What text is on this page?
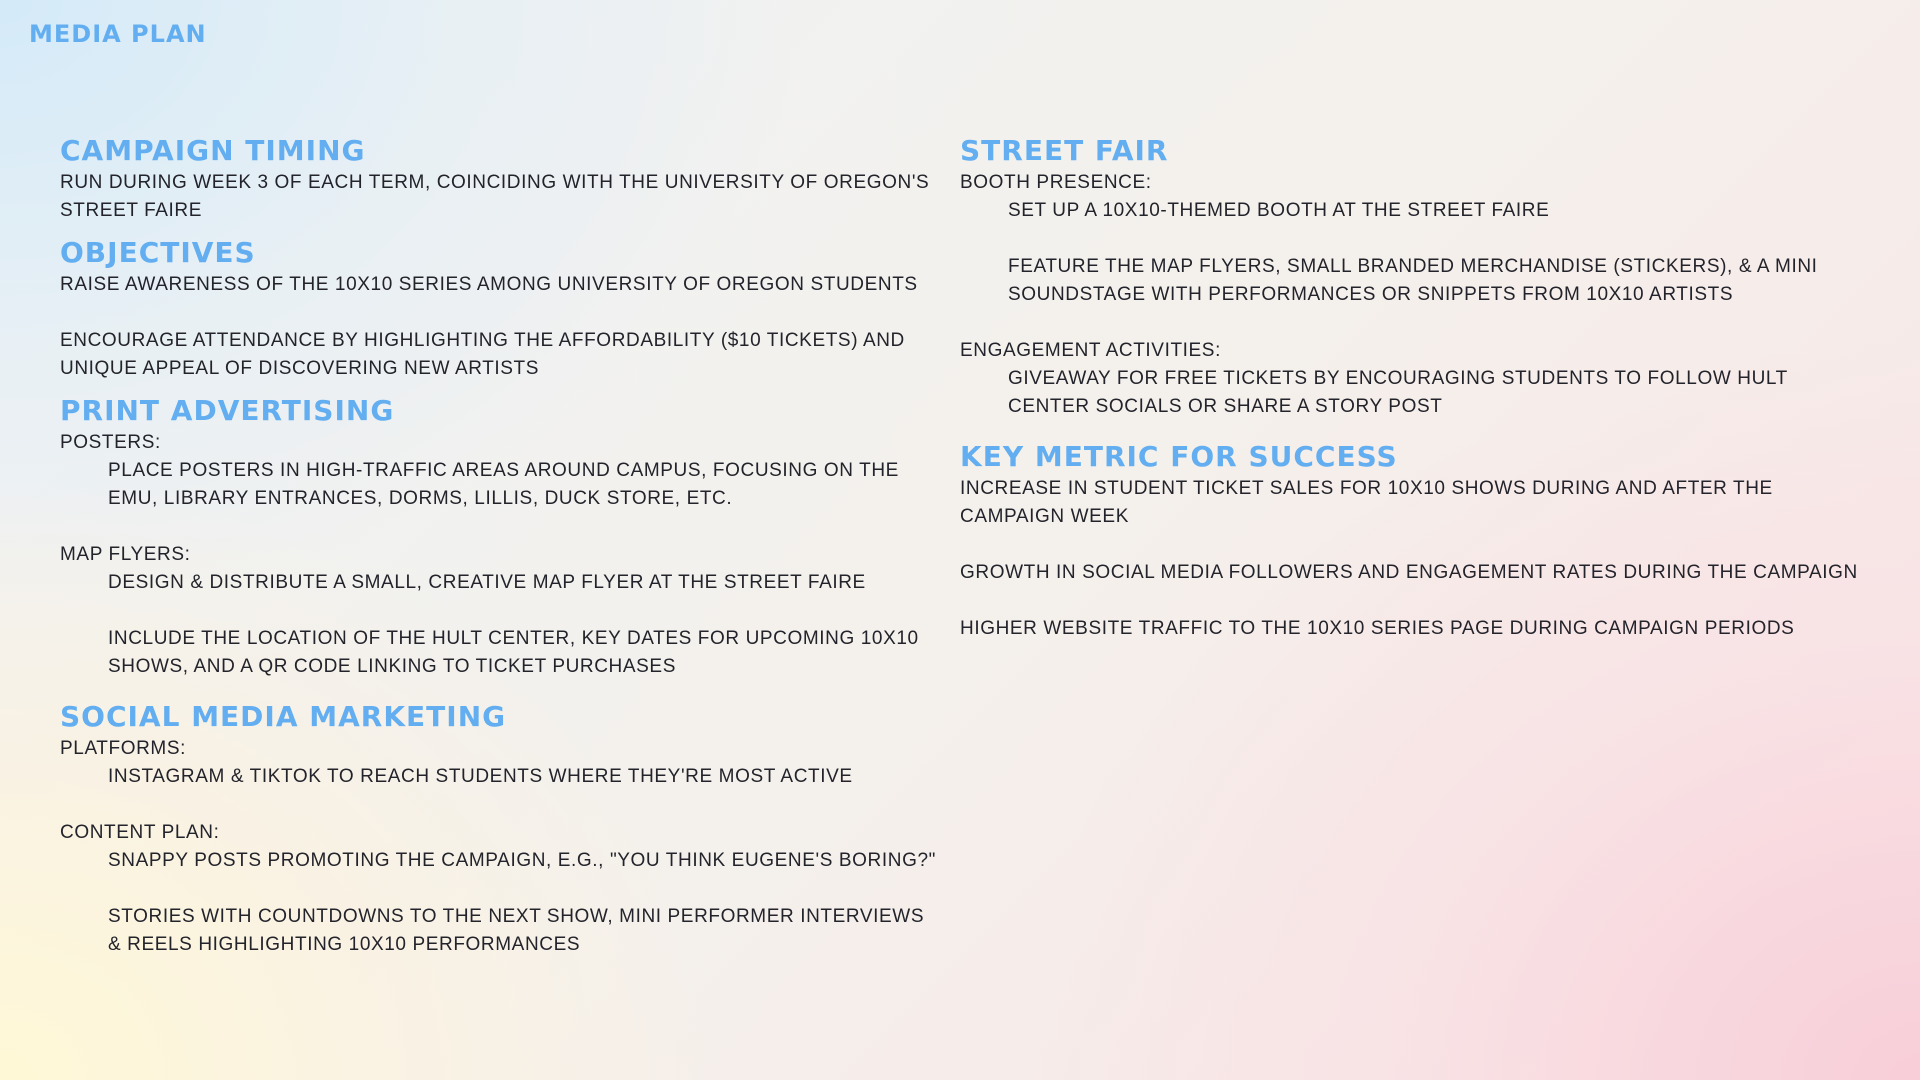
MEDIA PLAN
CAMPAIGN TIMING

RUN DURING WEEK 3 OF EACH TERM, COINCIDING WITH THE UNIVERSITY OF OREGON'S STREET FAIRE

OBJECTIVES

RAISE AWARENESS OF THE 10X10 SERIES AMONG UNIVERSITY OF OREGON STUDENTS

ENCOURAGE ATTENDANCE BY HIGHLIGHTING THE AFFORDABILITY ($10 TICKETS) AND UNIQUE APPEAL OF DISCOVERING NEW ARTISTS

PRINT ADVERTISING

POSTERS:

PLACE POSTERS IN HIGH-TRAFFIC AREAS AROUND CAMPUS, FOCUSING ON THE EMU, LIBRARY ENTRANCES, DORMS, LILLIS, DUCK STORE, ETC.

MAP FLYERS:

DESIGN & DISTRIBUTE A SMALL, CREATIVE MAP FLYER AT THE STREET FAIRE

INCLUDE THE LOCATION OF THE HULT CENTER, KEY DATES FOR UPCOMING 10X10 SHOWS, AND A QR CODE LINKING TO TICKET PURCHASES

SOCIAL MEDIA MARKETING

PLATFORMS:

INSTAGRAM & TIKTOK TO REACH STUDENTS WHERE THEY'RE MOST ACTIVE

CONTENT PLAN:

SNAPPY POSTS PROMOTING THE CAMPAIGN, E.G., "YOU THINK EUGENE'S BORING?"

STORIES WITH COUNTDOWNS TO THE NEXT SHOW, MINI PERFORMER INTERVIEWS & REELS HIGHLIGHTING 10X10 PERFORMANCES

STREET FAIR

BOOTH PRESENCE:

SET UP A 10X10-THEMED BOOTH AT THE STREET FAIRE

FEATURE THE MAP FLYERS, SMALL BRANDED MERCHANDISE (STICKERS), & A MINI SOUNDSTAGE WITH PERFORMANCES OR SNIPPETS FROM 10X10 ARTISTS

ENGAGEMENT ACTIVITIES:

GIVEAWAY FOR FREE TICKETS BY ENCOURAGING STUDENTS TO FOLLOW HULT CENTER SOCIALS OR SHARE A STORY POST

KEY METRIC FOR SUCCESS

INCREASE IN STUDENT TICKET SALES FOR 10X10 SHOWS DURING AND AFTER THE CAMPAIGN WEEK

GROWTH IN SOCIAL MEDIA FOLLOWERS AND ENGAGEMENT RATES DURING THE CAMPAIGN

HIGHER WEBSITE TRAFFIC TO THE 10X10 SERIES PAGE DURING CAMPAIGN PERIODS
